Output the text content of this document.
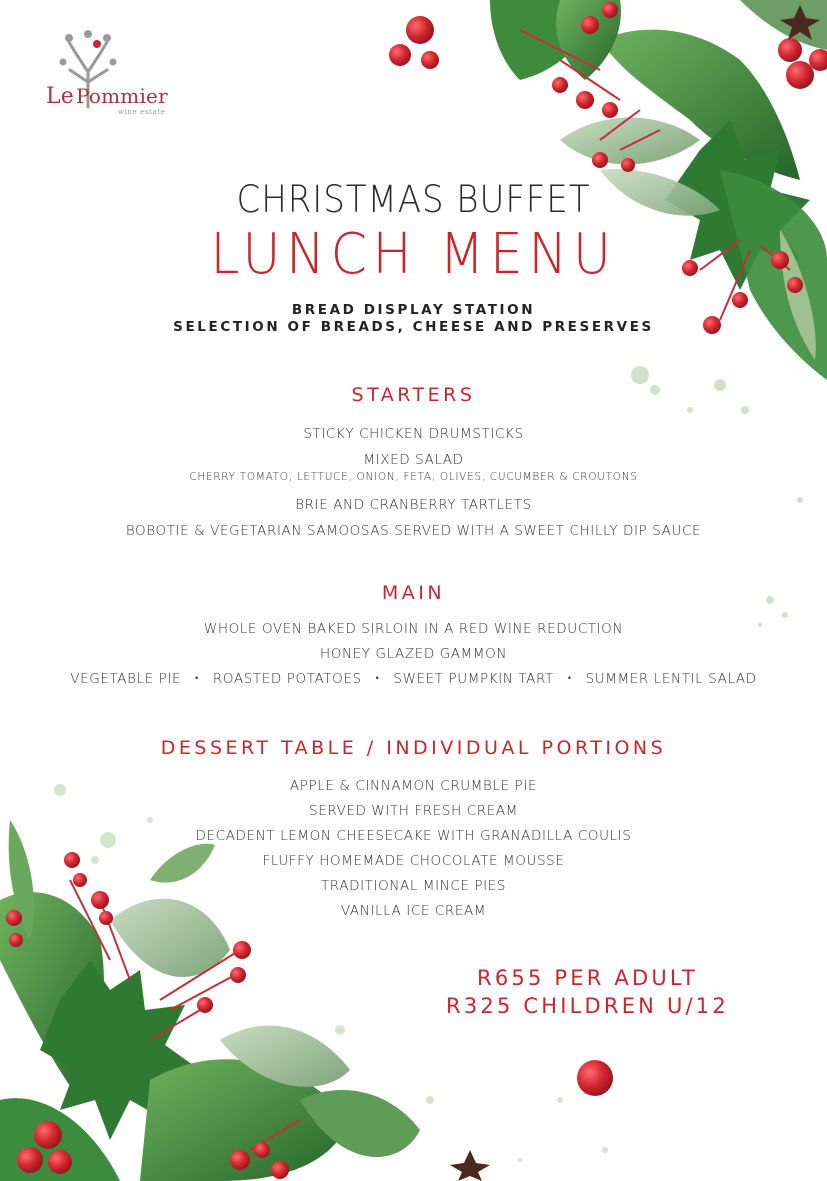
Le Pommier
wine estate
CHRISTMAS BUFFET
LUNCH MENU
BREAD DISPLAY STATION
SELECTION OF BREADS, CHEESE AND PRESERVES
STARTERS
STICKY CHICKEN DRUMSTICKS
MIXED SALAD
CHERRY TOMATO, LETTUCE, ONION, FETA, OLIVES, CUCUMBER & CROUTONS
BRIE AND CRANBERRY TARTLETS
BOBOTIE & VEGETARIAN SAMOOSAS SERVED WITH A SWEET CHILLY DIP SAUCE
MAIN
WHOLE OVEN BAKED SIRLOIN IN A RED WINE REDUCTION
HONEY GLAZED GAMMON
VEGETABLE PIE • ROASTED POTATOES • SWEET PUMPKIN TART • SUMMER LENTIL SALAD
DESSERT TABLE / INDIVIDUAL PORTIONS
APPLE & CINNAMON CRUMBLE PIE
SERVED WITH FRESH CREAM
DECADENT LEMON CHEESECAKE WITH GRANADILLA COULIS
FLUFFY HOMEMADE CHOCOLATE MOUSSE
TRADITIONAL MINCE PIES
VANILLA ICE CREAM
R655 PER ADULT
R325 CHILDREN U/12
